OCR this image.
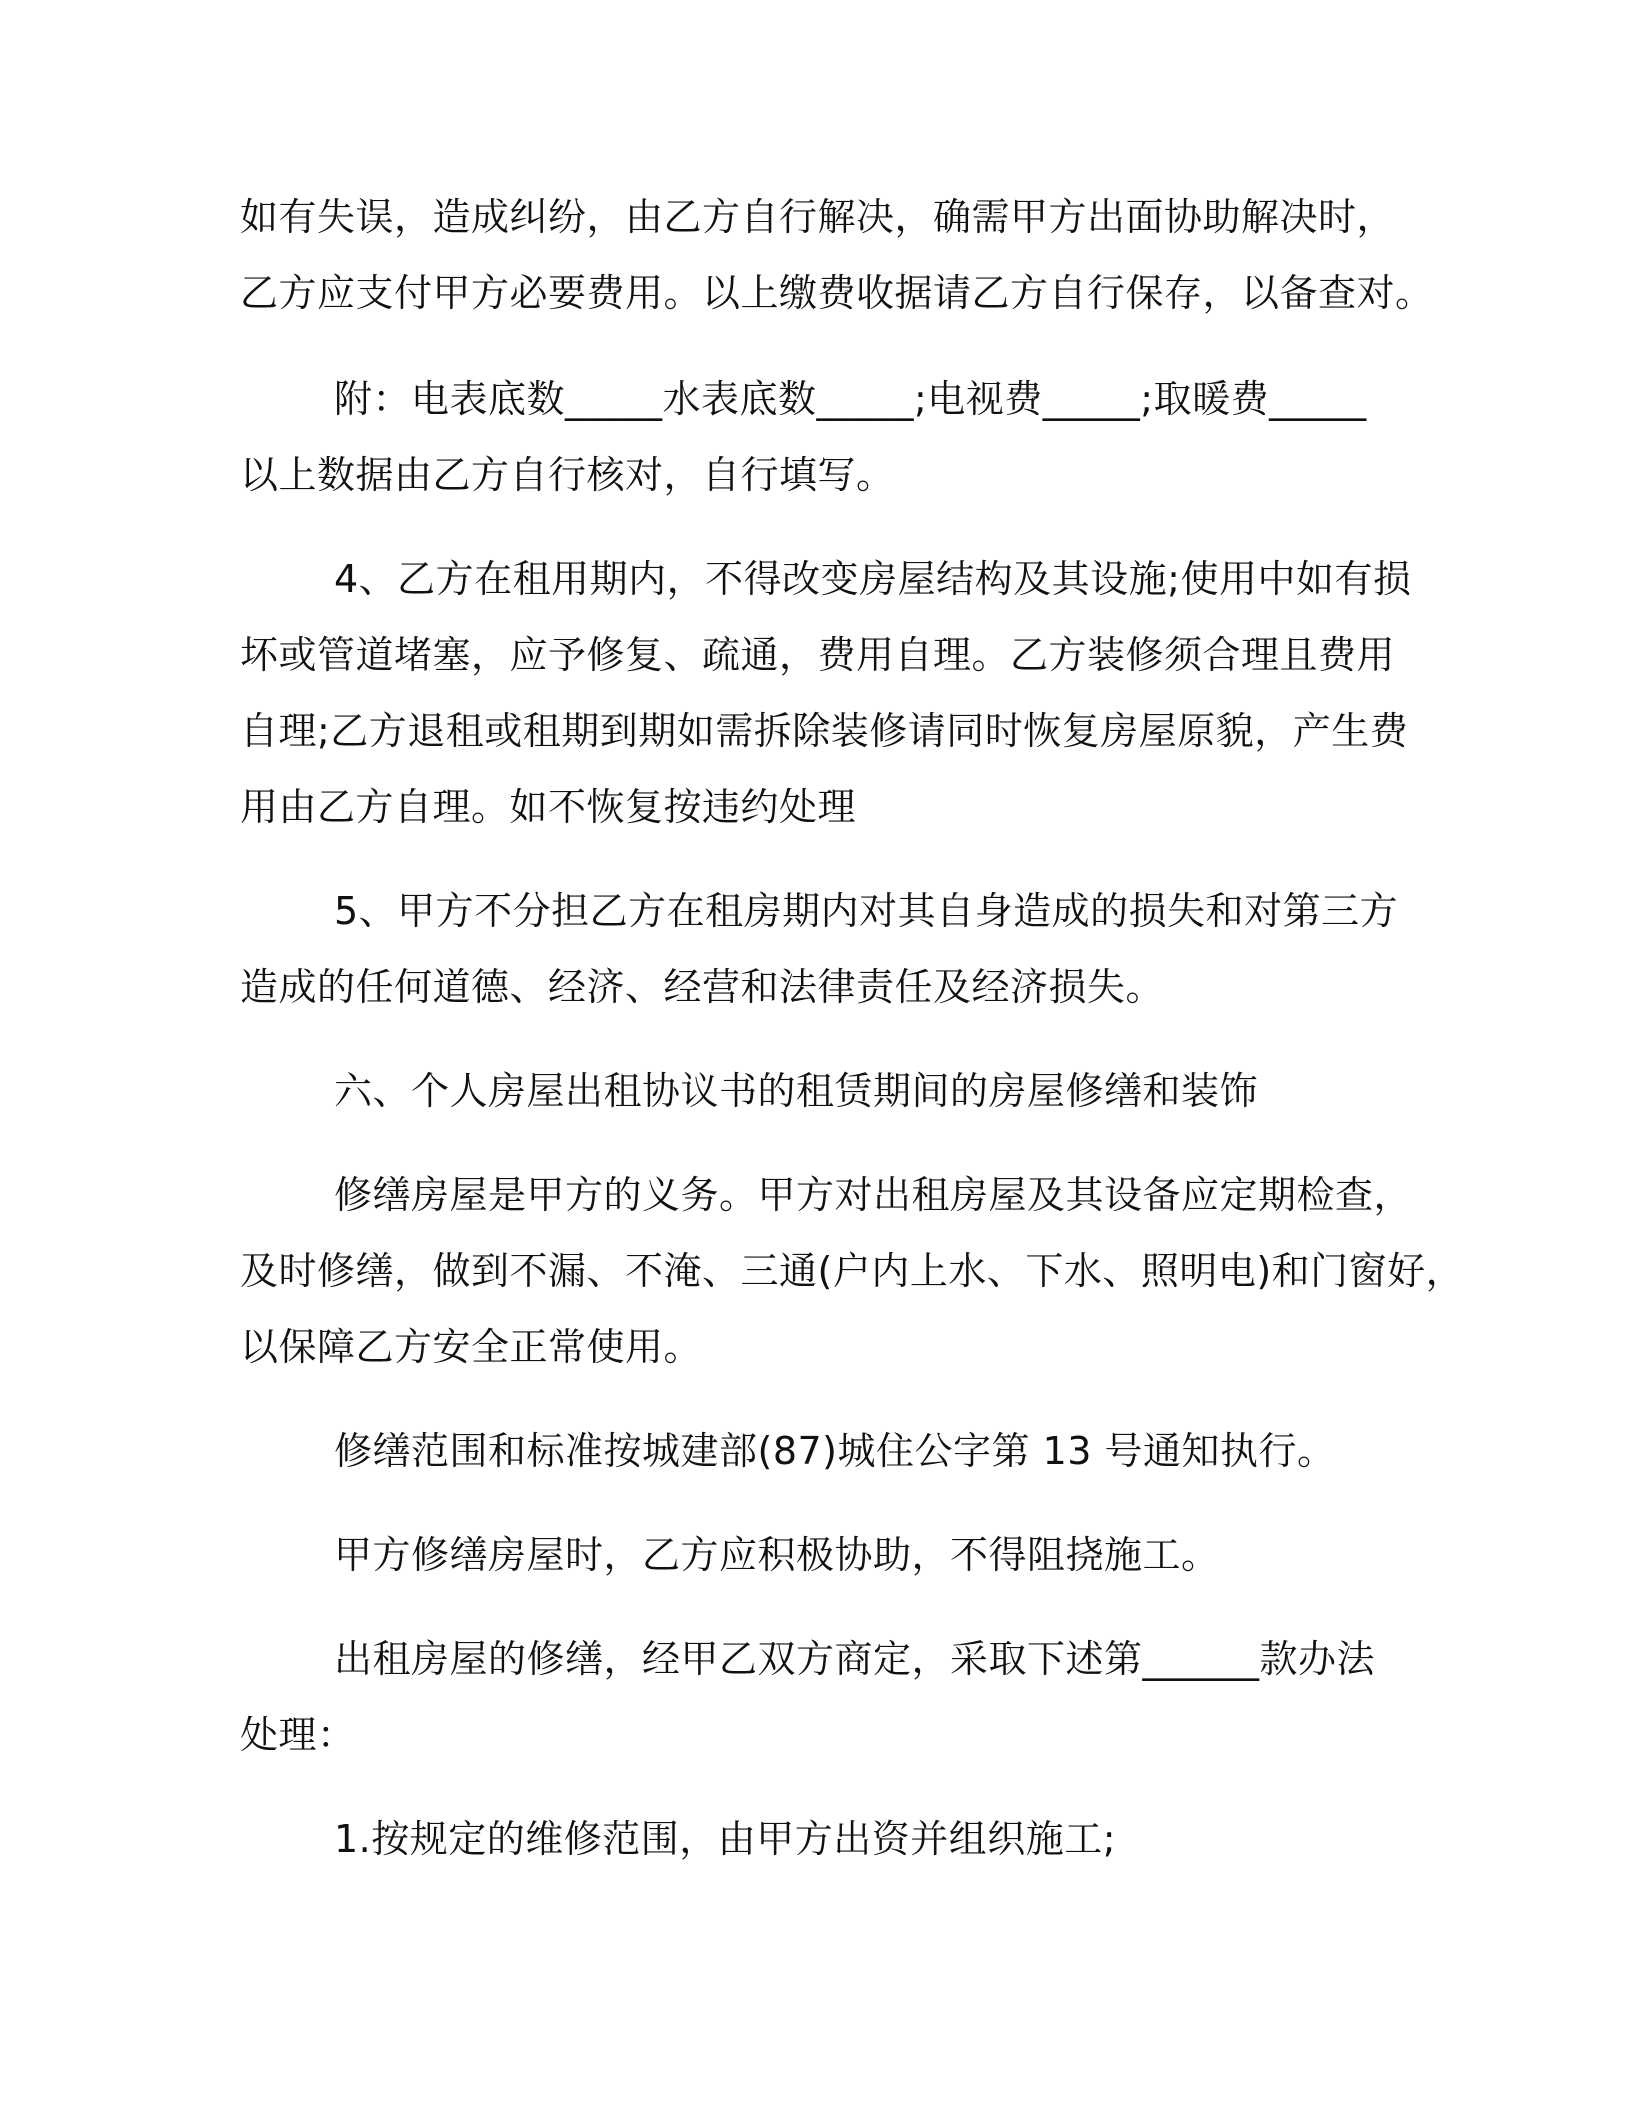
如有失误，造成纠纷，由乙方自行解决，确需甲方出面协助解决时，
乙方应支付甲方必要费用。以上缴费收据请乙方自行保存，以备查对。
附：电表底数_____水表底数_____;电视费_____;取暖费_____
以上数据由乙方自行核对，自行填写。
4、乙方在租用期内，不得改变房屋结构及其设施;使用中如有损
坏或管道堵塞，应予修复、疏通，费用自理。乙方装修须合理且费用
自理;乙方退租或租期到期如需拆除装修请同时恢复房屋原貌，产生费
用由乙方自理。如不恢复按违约处理
5、甲方不分担乙方在租房期内对其自身造成的损失和对第三方
造成的任何道德、经济、经营和法律责任及经济损失。
六、个人房屋出租协议书的租赁期间的房屋修缮和装饰
修缮房屋是甲方的义务。甲方对出租房屋及其设备应定期检查，
及时修缮，做到不漏、不淹、三通(户内上水、下水、照明电)和门窗好，
以保障乙方安全正常使用。
修缮范围和标准按城建部(87)城住公字第 13 号通知执行。
甲方修缮房屋时，乙方应积极协助，不得阻挠施工。
出租房屋的修缮，经甲乙双方商定，采取下述第______款办法
处理：
1.按规定的维修范围，由甲方出资并组织施工;
